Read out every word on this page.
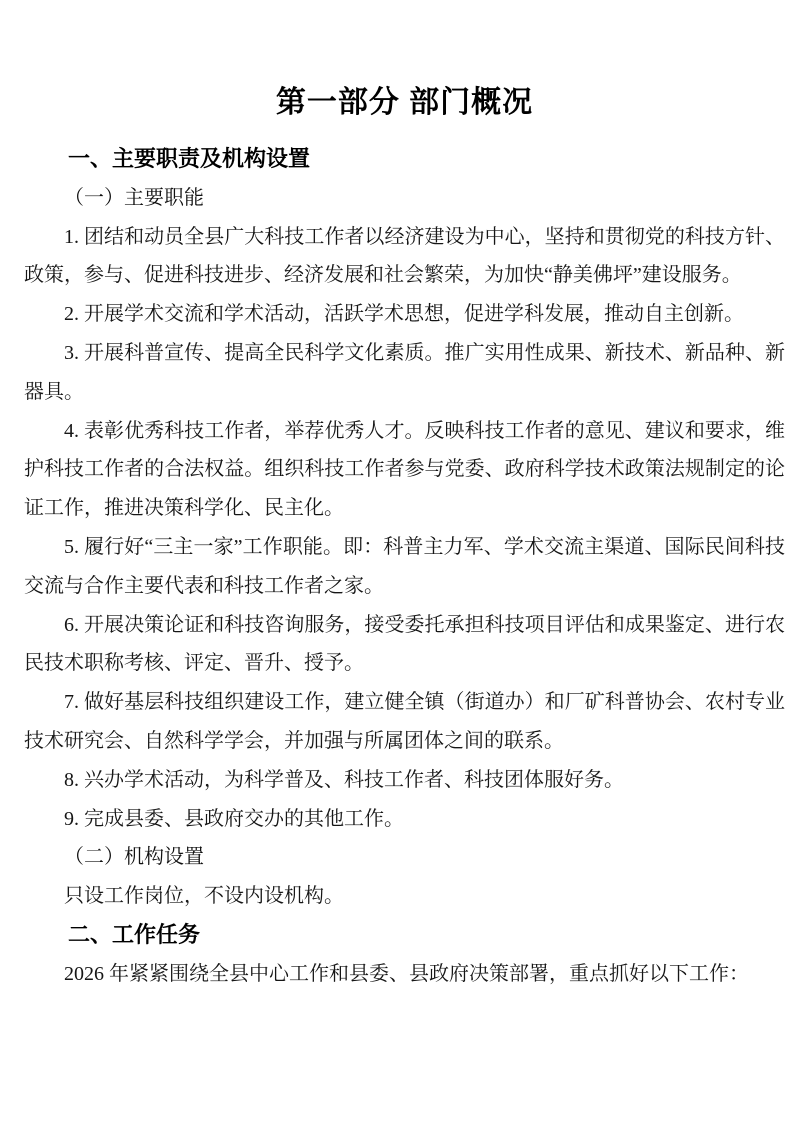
第一部分 部门概况
一、主要职责及机构设置
（一）主要职能
1. 团结和动员全县广大科技工作者以经济建设为中心，坚持和贯彻党的科技方针、政策，参与、促进科技进步、经济发展和社会繁荣，为加快“静美佛坪”建设服务。
2. 开展学术交流和学术活动，活跃学术思想，促进学科发展，推动自主创新。
3. 开展科普宣传、提高全民科学文化素质。推广实用性成果、新技术、新品种、新器具。
4. 表彰优秀科技工作者，举荐优秀人才。反映科技工作者的意见、建议和要求，维护科技工作者的合法权益。组织科技工作者参与党委、政府科学技术政策法规制定的论证工作，推进决策科学化、民主化。
5. 履行好“三主一家”工作职能。即：科普主力军、学术交流主渠道、国际民间科技交流与合作主要代表和科技工作者之家。
6. 开展决策论证和科技咨询服务，接受委托承担科技项目评估和成果鉴定、进行农民技术职称考核、评定、晋升、授予。
7. 做好基层科技组织建设工作，建立健全镇（街道办）和厂矿科普协会、农村专业技术研究会、自然科学学会，并加强与所属团体之间的联系。
8. 兴办学术活动，为科学普及、科技工作者、科技团体服好务。
9. 完成县委、县政府交办的其他工作。
（二）机构设置
只设工作岗位，不设内设机构。
二、工作任务
2026 年紧紧围绕全县中心工作和县委、县政府决策部署，重点抓好以下工作：
